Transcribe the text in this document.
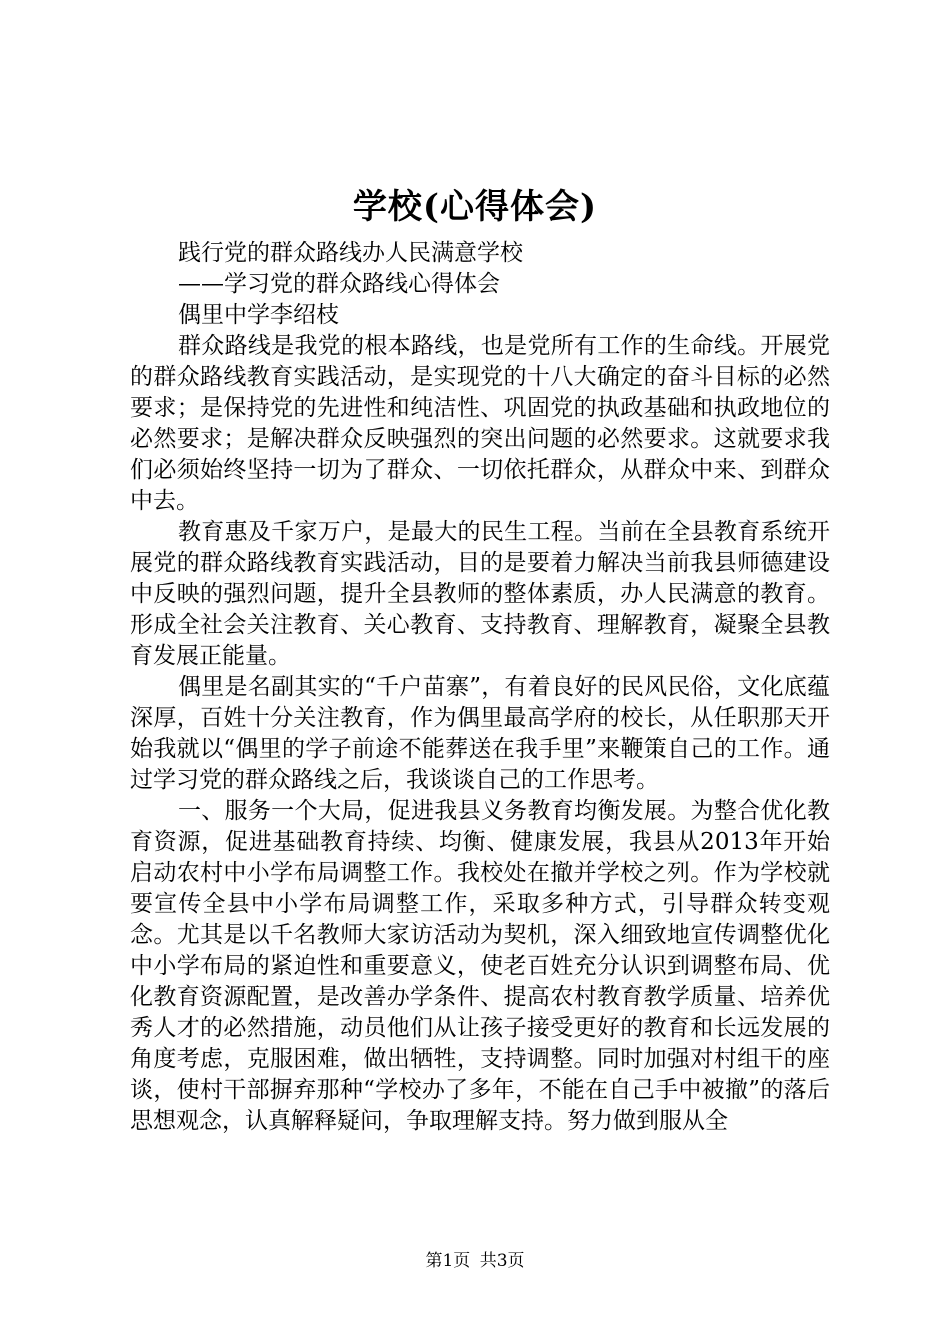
学校(心得体会)
践行党的群众路线办人民满意学校
——学习党的群众路线心得体会
偶里中学李绍枝

群众路线是我党的根本路线，也是党所有工作的生命线。开展党的群众路线教育实践活动，是实现党的十八大确定的奋斗目标的必然要求；是保持党的先进性和纯洁性、巩固党的执政基础和执政地位的必然要求；是解决群众反映强烈的突出问题的必然要求。这就要求我们必须始终坚持一切为了群众、一切依托群众，从群众中来、到群众中去。

教育惠及千家万户，是最大的民生工程。当前在全县教育系统开展党的群众路线教育实践活动，目的是要着力解决当前我县师德建设中反映的强烈问题，提升全县教师的整体素质，办人民满意的教育。形成全社会关注教育、关心教育、支持教育、理解教育，凝聚全县教育发展正能量。

偶里是名副其实的“千户苗寨”，有着良好的民风民俗，文化底蕴深厚，百姓十分关注教育，作为偶里最高学府的校长，从任职那天开始我就以“偶里的学子前途不能葬送在我手里”来鞭策自己的工作。通过学习党的群众路线之后，我谈谈自己的工作思考。

一、服务一个大局，促进我县义务教育均衡发展。为整合优化教育资源，促进基础教育持续、均衡、健康发展，我县从2013年开始启动农村中小学布局调整工作。我校处在撤并学校之列。作为学校就要宣传全县中小学布局调整工作，采取多种方式，引导群众转变观念。尤其是以千名教师大家访活动为契机，深入细致地宣传调整优化中小学布局的紧迫性和重要意义，使老百姓充分认识到调整布局、优化教育资源配置，是改善办学条件、提高农村教育教学质量、培养优秀人才的必然措施，动员他们从让孩子接受更好的教育和长远发展的角度考虑，克服困难，做出牺牲，支持调整。同时加强对村组干的座谈，使村干部摒弃那种“学校办了多年，不能在自己手中被撤”的落后思想观念，认真解释疑问，争取理解支持。努力做到服从全

第1页 共3页
